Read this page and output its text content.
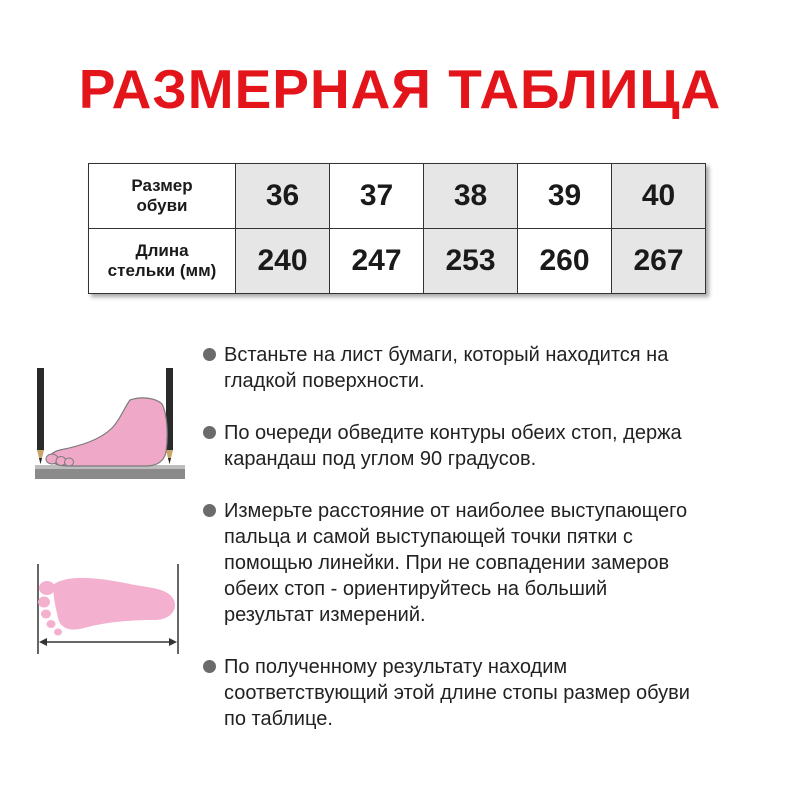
РАЗМЕРНАЯ ТАБЛИЦА
Размер
обуви	36	37	38	39	40
Длина
стельки (мм)	240	247	253	260	267
Встаньте на лист бумаги, который находится на
гладкой поверхности.
По очереди обведите контуры обеих стоп, держа
карандаш под углом 90 градусов.
Измерьте расстояние от наиболее выступающего
пальца и самой выступающей точки пятки с
помощью линейки. При не совпадении замеров
обеих стоп - ориентируйтесь на больший
результат измерений.
По полученному результату находим
соответствующий этой длине стопы размер обуви
по таблице.
